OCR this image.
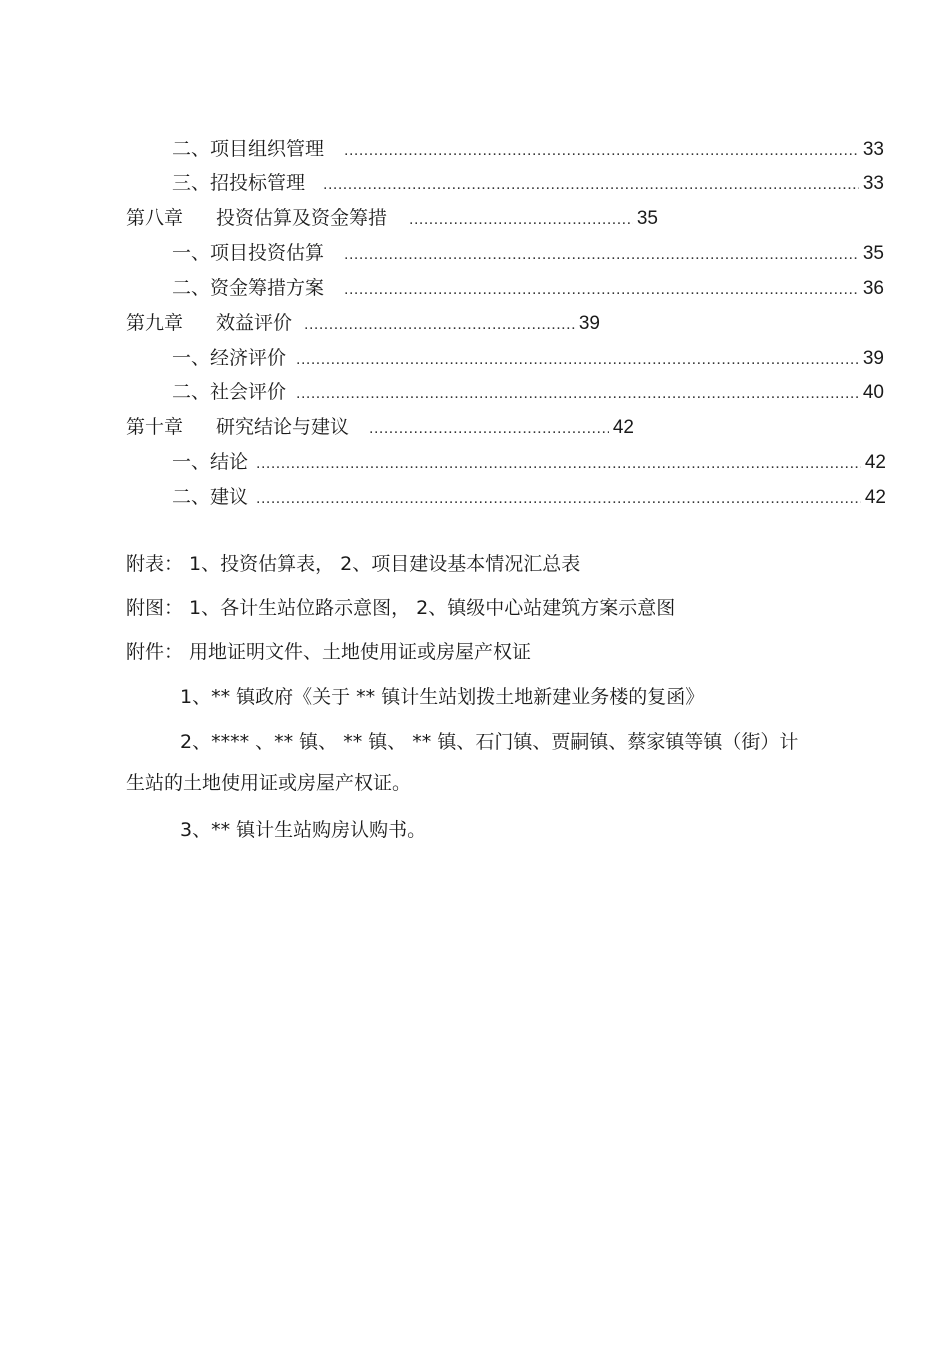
二、项目组织管理 .....	33
三、招投标管理 .....	33
第八章	投资估算及资金筹措 .....	35
一、项目投资估算 .....	35
二、资金筹措方案 .....	36
第九章	效益评价 .....	39
一、经济评价 .....	39
二、社会评价 .....	40
第十章	研究结论与建议 .....	42
一、结论 .....	42
二、建议 .....	42
附表： 1、投资估算表， 2、项目建设基本情况汇总表
附图： 1、各计生站位路示意图， 2、镇级中心站建筑方案示意图
附件： 用地证明文件、土地使用证或房屋产权证
1、** 镇政府《关于 ** 镇计生站划拨土地新建业务楼的复函》
2、**** 、** 镇、 ** 镇、 ** 镇、石门镇、贾嗣镇、蔡家镇等镇（街）计
生站的土地使用证或房屋产权证。
3、** 镇计生站购房认购书。
